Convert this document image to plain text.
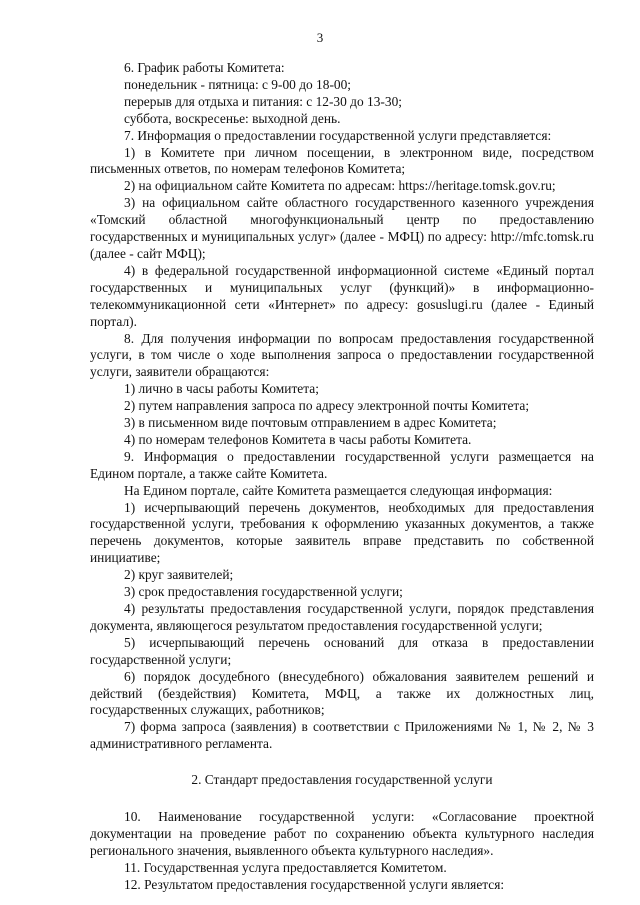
3

6. График работы Комитета:

понедельник - пятница: с 9-00 до 18-00;

перерыв для отдыха и питания: с 12-30 до 13-30;

суббота, воскресенье: выходной день.

7. Информация о предоставлении государственной услуги представляется:

1) в Комитете при личном посещении, в электронном виде, посредством письменных ответов, по номерам телефонов Комитета;

2) на официальном сайте Комитета по адресам: https://heritage.tomsk.gov.ru;

3) на официальном сайте областного государственного казенного учреждения «Томский областной многофункциональный центр по предоставлению государственных и муниципальных услуг» (далее - МФЦ) по адресу: http://mfc.tomsk.ru (далее - сайт МФЦ);

4) в федеральной государственной информационной системе «Единый портал государственных и муниципальных услуг (функций)» в информационно-телекоммуникационной сети «Интернет» по адресу: gosuslugi.ru (далее - Единый портал).

8. Для получения информации по вопросам предоставления государственной услуги, в том числе о ходе выполнения запроса о предоставлении государственной услуги, заявители обращаются:

1) лично в часы работы Комитета;

2) путем направления запроса по адресу электронной почты Комитета;

3) в письменном виде почтовым отправлением в адрес Комитета;

4) по номерам телефонов Комитета в часы работы Комитета.

9. Информация о предоставлении государственной услуги размещается на Едином портале, а также сайте Комитета.

На Едином портале, сайте Комитета размещается следующая информация:

1) исчерпывающий перечень документов, необходимых для предоставления государственной услуги, требования к оформлению указанных документов, а также перечень документов, которые заявитель вправе представить по собственной инициативе;

2) круг заявителей;

3) срок предоставления государственной услуги;

4) результаты предоставления государственной услуги, порядок представления документа, являющегося результатом предоставления государственной услуги;

5) исчерпывающий перечень оснований для отказа в предоставлении государственной услуги;

6) порядок досудебного (внесудебного) обжалования заявителем решений и действий (бездействия) Комитета, МФЦ, а также их должностных лиц, государственных служащих, работников;

7) форма запроса (заявления) в соответствии с Приложениями № 1, № 2, № 3 административного регламента.

2. Стандарт предоставления государственной услуги

10. Наименование государственной услуги: «Согласование проектной документации на проведение работ по сохранению объекта культурного наследия регионального значения, выявленного объекта культурного наследия».

11. Государственная услуга предоставляется Комитетом.

12. Результатом предоставления государственной услуги является:
